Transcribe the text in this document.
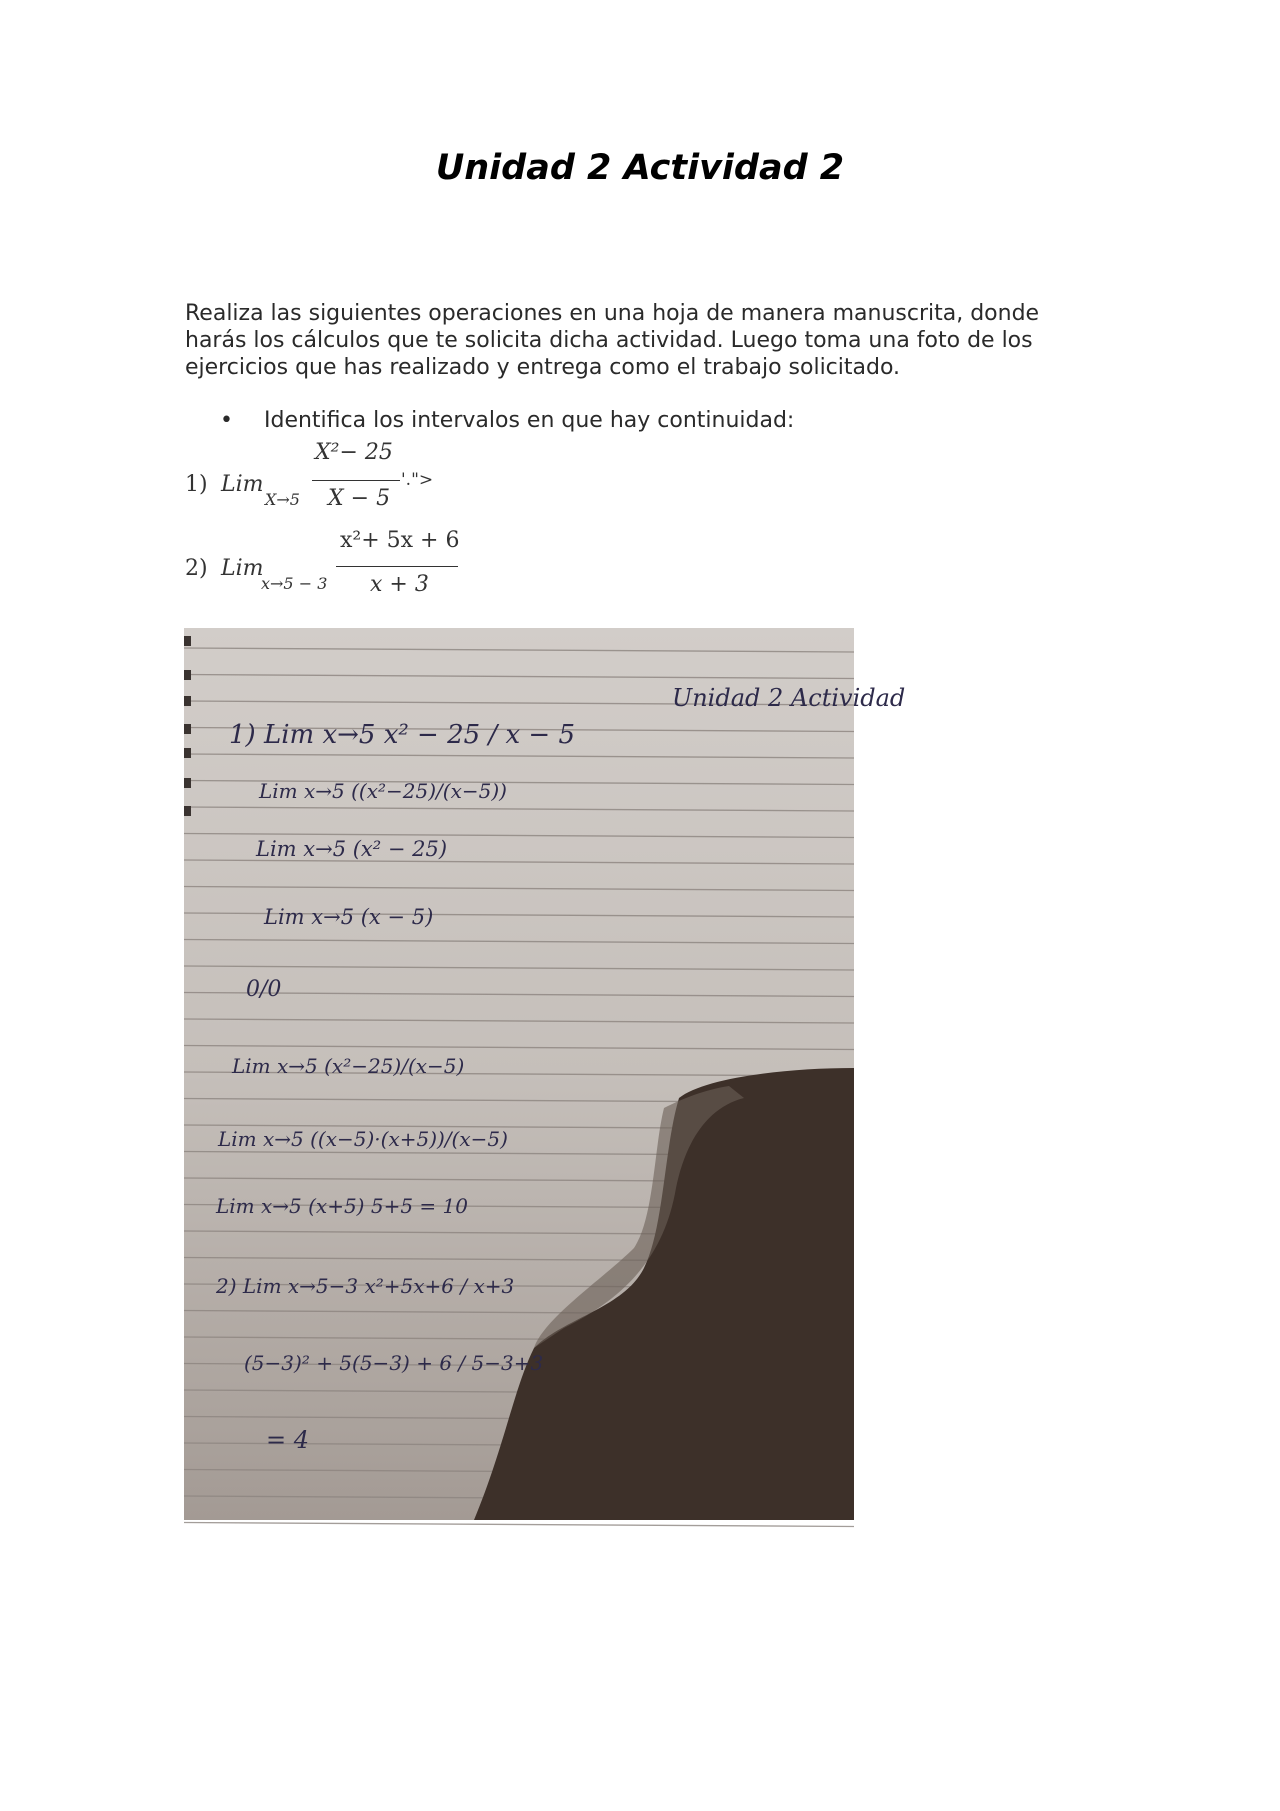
Unidad 2 Actividad 2
Realiza las siguientes operaciones en una hoja de manera manuscrita, donde harás los cálculos que te solicita dicha actividad. Luego toma una foto de los ejercicios que has realizado y entrega como el trabajo solicitado.
• Identifica los intervalos en que hay continuidad:
1) Lim
X→5
X²− 25
X − 5
'.">
2) Lim
x→5 − 3
x²+ 5x + 6
x + 3
Unidad 2 Actividad
1) Lim x→5 x² − 25 / x − 5
Lim x→5 ((x²−25)/(x−5))
Lim x→5 (x² − 25)
Lim x→5 (x − 5)
0/0
Lim x→5 (x²−25)/(x−5)
Lim x→5 ((x−5)·(x+5))/(x−5)
Lim x→5 (x+5) 5+5 = 10
2) Lim x→5−3 x²+5x+6 / x+3
(5−3)² + 5(5−3) + 6 / 5−3+3
= 4
